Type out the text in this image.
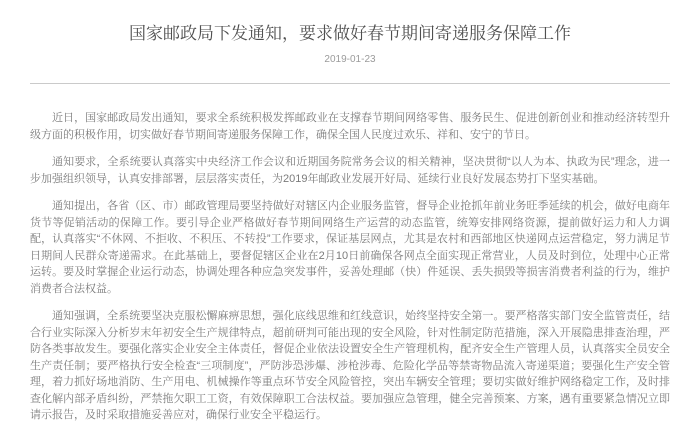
国家邮政局下发通知，要求做好春节期间寄递服务保障工作
2019-01-23

近日，国家邮政局发出通知，要求全系统积极发挥邮政业在支撑春节期间网络零售、服务民生、促进创新创业和推动经济转型升级方面的积极作用，切实做好春节期间寄递服务保障工作，确保全国人民度过欢乐、祥和、安宁的节日。

通知要求，全系统要认真落实中央经济工作会议和近期国务院常务会议的相关精神，坚决贯彻“以人为本、执政为民”理念，进一步加强组织领导，认真安排部署，层层落实责任，为2019年邮政业发展开好局、延续行业良好发展态势打下坚实基础。

通知提出，各省（区、市）邮政管理局要坚持做好对辖区内企业服务监管，督导企业抢抓年前业务旺季延续的机会，做好电商年货节等促销活动的保障工作。要引导企业严格做好春节期间网络生产运营的动态监管，统筹安排网络资源，提前做好运力和人力调配，认真落实“不休网、不拒收、不积压、不转投”工作要求，保证基层网点，尤其是农村和西部地区快递网点运营稳定，努力满足节日期间人民群众寄递需求。在此基础上，要督促辖区企业在2月10日前确保各网点全面实现正常营业，人员及时到位，处理中心正常运转。要及时掌握企业运行动态，协调处理各种应急突发事件，妥善处理邮（快）件延误、丢失损毁等损害消费者利益的行为，维护消费者合法权益。

通知强调，全系统要坚决克服松懈麻痹思想，强化底线思维和红线意识，始终坚持安全第一。要严格落实部门安全监管责任，结合行业实际深入分析岁末年初安全生产规律特点，超前研判可能出现的安全风险，针对性制定防范措施，深入开展隐患排查治理，严防各类事故发生。要强化落实企业安全主体责任，督促企业依法设置安全生产管理机构，配齐安全生产管理人员，认真落实全员安全生产责任制；要严格执行安全检查“三项制度”，严防涉恐涉爆、涉枪涉毒、危险化学品等禁寄物品流入寄递渠道；要强化生产安全管理，着力抓好场地消防、生产用电、机械操作等重点环节安全风险管控，突出车辆安全管理；要切实做好维护网络稳定工作，及时排查化解内部矛盾纠纷，严禁拖欠职工工资，有效保障职工合法权益。要加强应急管理，健全完善预案、方案，遇有重要紧急情况立即请示报告，及时采取措施妥善应对，确保行业安全平稳运行。
